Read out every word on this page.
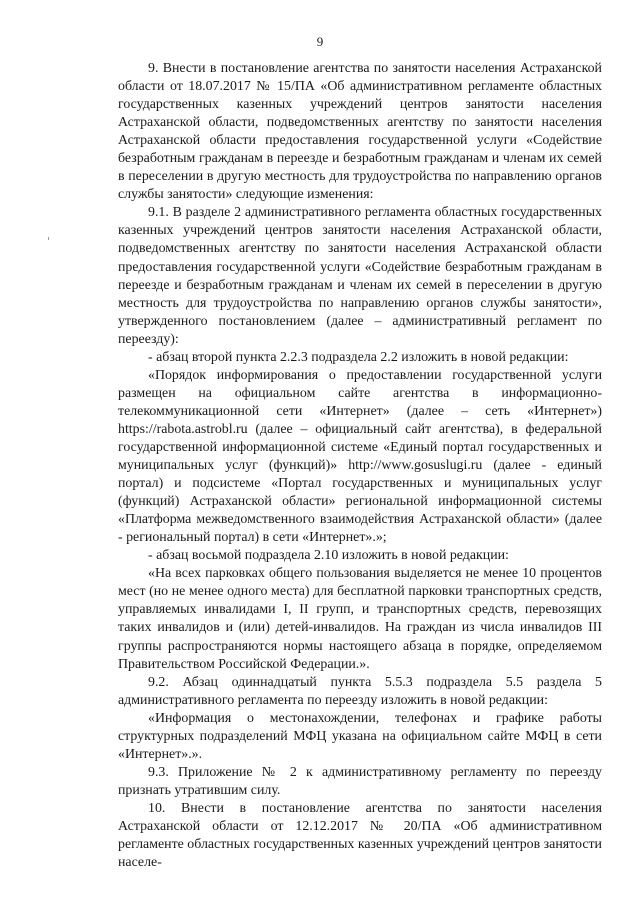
9

9. Внести в постановление агентства по занятости населения Астраханской области от 18.07.2017 № 15/ПА «Об административном регламенте областных государственных казенных учреждений центров занятости населения Астраханской области, подведомственных агентству по занятости населения Астраханской области предоставления государственной услуги «Содействие безработным гражданам в переезде и безработным гражданам и членам их семей в переселении в другую местность для трудоустройства по направлению органов службы занятости» следующие изменения:

9.1. В разделе 2 административного регламента областных государственных казенных учреждений центров занятости населения Астраханской области, подведомственных агентству по занятости населения Астраханской области предоставления государственной услуги «Содействие безработным гражданам в переезде и безработным гражданам и членам их семей в переселении в другую местность для трудоустройства по направлению органов службы занятости», утвержденного постановлением (далее – административный регламент по переезду):

- абзац второй пункта 2.2.3 подраздела 2.2 изложить в новой редакции:

«Порядок информирования о предоставлении государственной услуги размещен на официальном сайте агентства в информационно-телекоммуникационной сети «Интернет» (далее – сеть «Интернет») https://rabota.astrobl.ru (далее – официальный сайт агентства), в федеральной государственной информационной системе «Единый портал государственных и муниципальных услуг (функций)» http://www.gosuslugi.ru (далее - единый портал) и подсистеме «Портал государственных и муниципальных услуг (функций) Астраханской области» региональной информационной системы «Платформа межведомственного взаимодействия Астраханской области» (далее - региональный портал) в сети «Интернет».»;

- абзац восьмой подраздела 2.10 изложить в новой редакции:

«На всех парковках общего пользования выделяется не менее 10 процентов мест (но не менее одного места) для бесплатной парковки транспортных средств, управляемых инвалидами I, II групп, и транспортных средств, перевозящих таких инвалидов и (или) детей-инвалидов. На граждан из числа инвалидов III группы распространяются нормы настоящего абзаца в порядке, определяемом Правительством Российской Федерации.».

9.2. Абзац одиннадцатый пункта 5.5.3 подраздела 5.5 раздела 5 административного регламента по переезду изложить в новой редакции:

«Информация о местонахождении, телефонах и графике работы структурных подразделений МФЦ указана на официальном сайте МФЦ в сети «Интернет».».

9.3. Приложение № 2 к административному регламенту по переезду признать утратившим силу.

10. Внести в постановление агентства по занятости населения Астраханской области от 12.12.2017 № 20/ПА «Об административном регламенте областных государственных казенных учреждений центров занятости населе-
